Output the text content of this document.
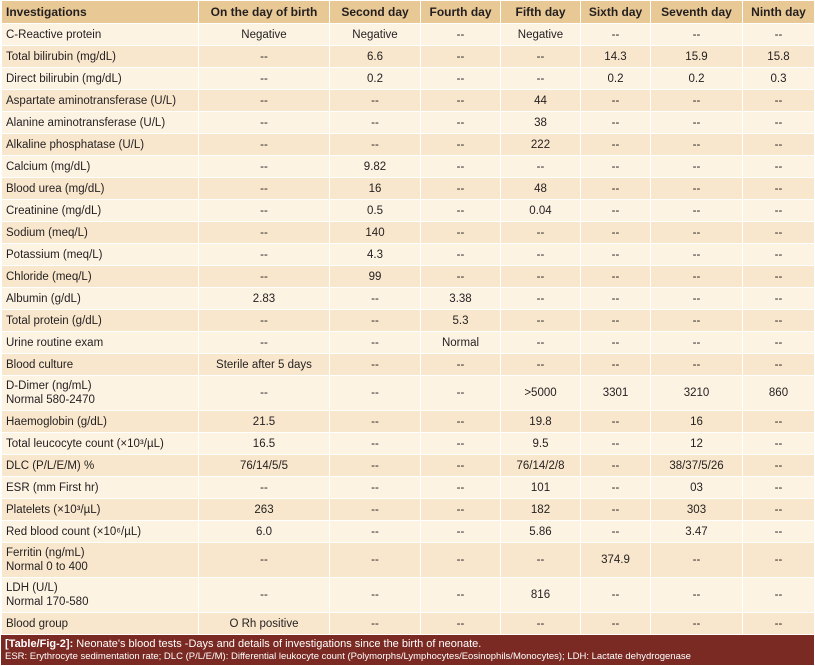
Investigations	On the day of birth	Second day	Fourth day	Fifth day	Sixth day	Seventh day	Ninth day

C-Reactive protein	Negative	Negative	--	Negative	--	--	--

Total bilirubin (mg/dL)	--	6.6	--	--	14.3	15.9	15.8

Direct bilirubin (mg/dL)	--	0.2	--	--	0.2	0.2	0.3

Aspartate aminotransferase (U/L)	--	--	--	44	--	--	--

Alanine aminotransferase (U/L)	--	--	--	38	--	--	--

Alkaline phosphatase (U/L)	--	--	--	222	--	--	--

Calcium (mg/dL)	--	9.82	--	--	--	--	--

Blood urea (mg/dL)	--	16	--	48	--	--	--

Creatinine (mg/dL)	--	0.5	--	0.04	--	--	--

Sodium (meq/L)	--	140	--	--	--	--	--

Potassium (meq/L)	--	4.3	--	--	--	--	--

Chloride (meq/L)	--	99	--	--	--	--	--

Albumin (g/dL)	2.83	--	3.38	--	--	--	--

Total protein (g/dL)	--	--	5.3	--	--	--	--

Urine routine exam	--	--	Normal	--	--	--	--

Blood culture	Sterile after 5 days	--	--	--	--	--	--

D-Dimer (ng/mL)
Normal 580-2470	--	--	--	>5000	3301	3210	860

Haemoglobin (g/dL)	21.5	--	--	19.8	--	16	--

Total leucocyte count (×10³/µL)	16.5	--	--	9.5	--	12	--

DLC (P/L/E/M) %	76/14/5/5	--	--	76/14/2/8	--	38/37/5/26	--

ESR (mm First hr)	--	--	--	101	--	03	--

Platelets (×10³/µL)	263	--	--	182	--	303	--

Red blood count (×10⁶/µL)	6.0	--	--	5.86	--	3.47	--

Ferritin (ng/mL)
Normal 0 to 400	--	--	--	--	374.9	--	--

LDH (U/L)
Normal 170-580	--	--	--	816	--	--	--

Blood group	O Rh positive	--	--	--	--	--	--
[Table/Fig-2]: Neonate's blood tests -Days and details of investigations since the birth of neonate.
ESR: Erythrocyte sedimentation rate; DLC (P/L/E/M): Differential leukocyte count (Polymorphs/Lymphocytes/Eosinophils/Monocytes); LDH: Lactate dehydrogenase
